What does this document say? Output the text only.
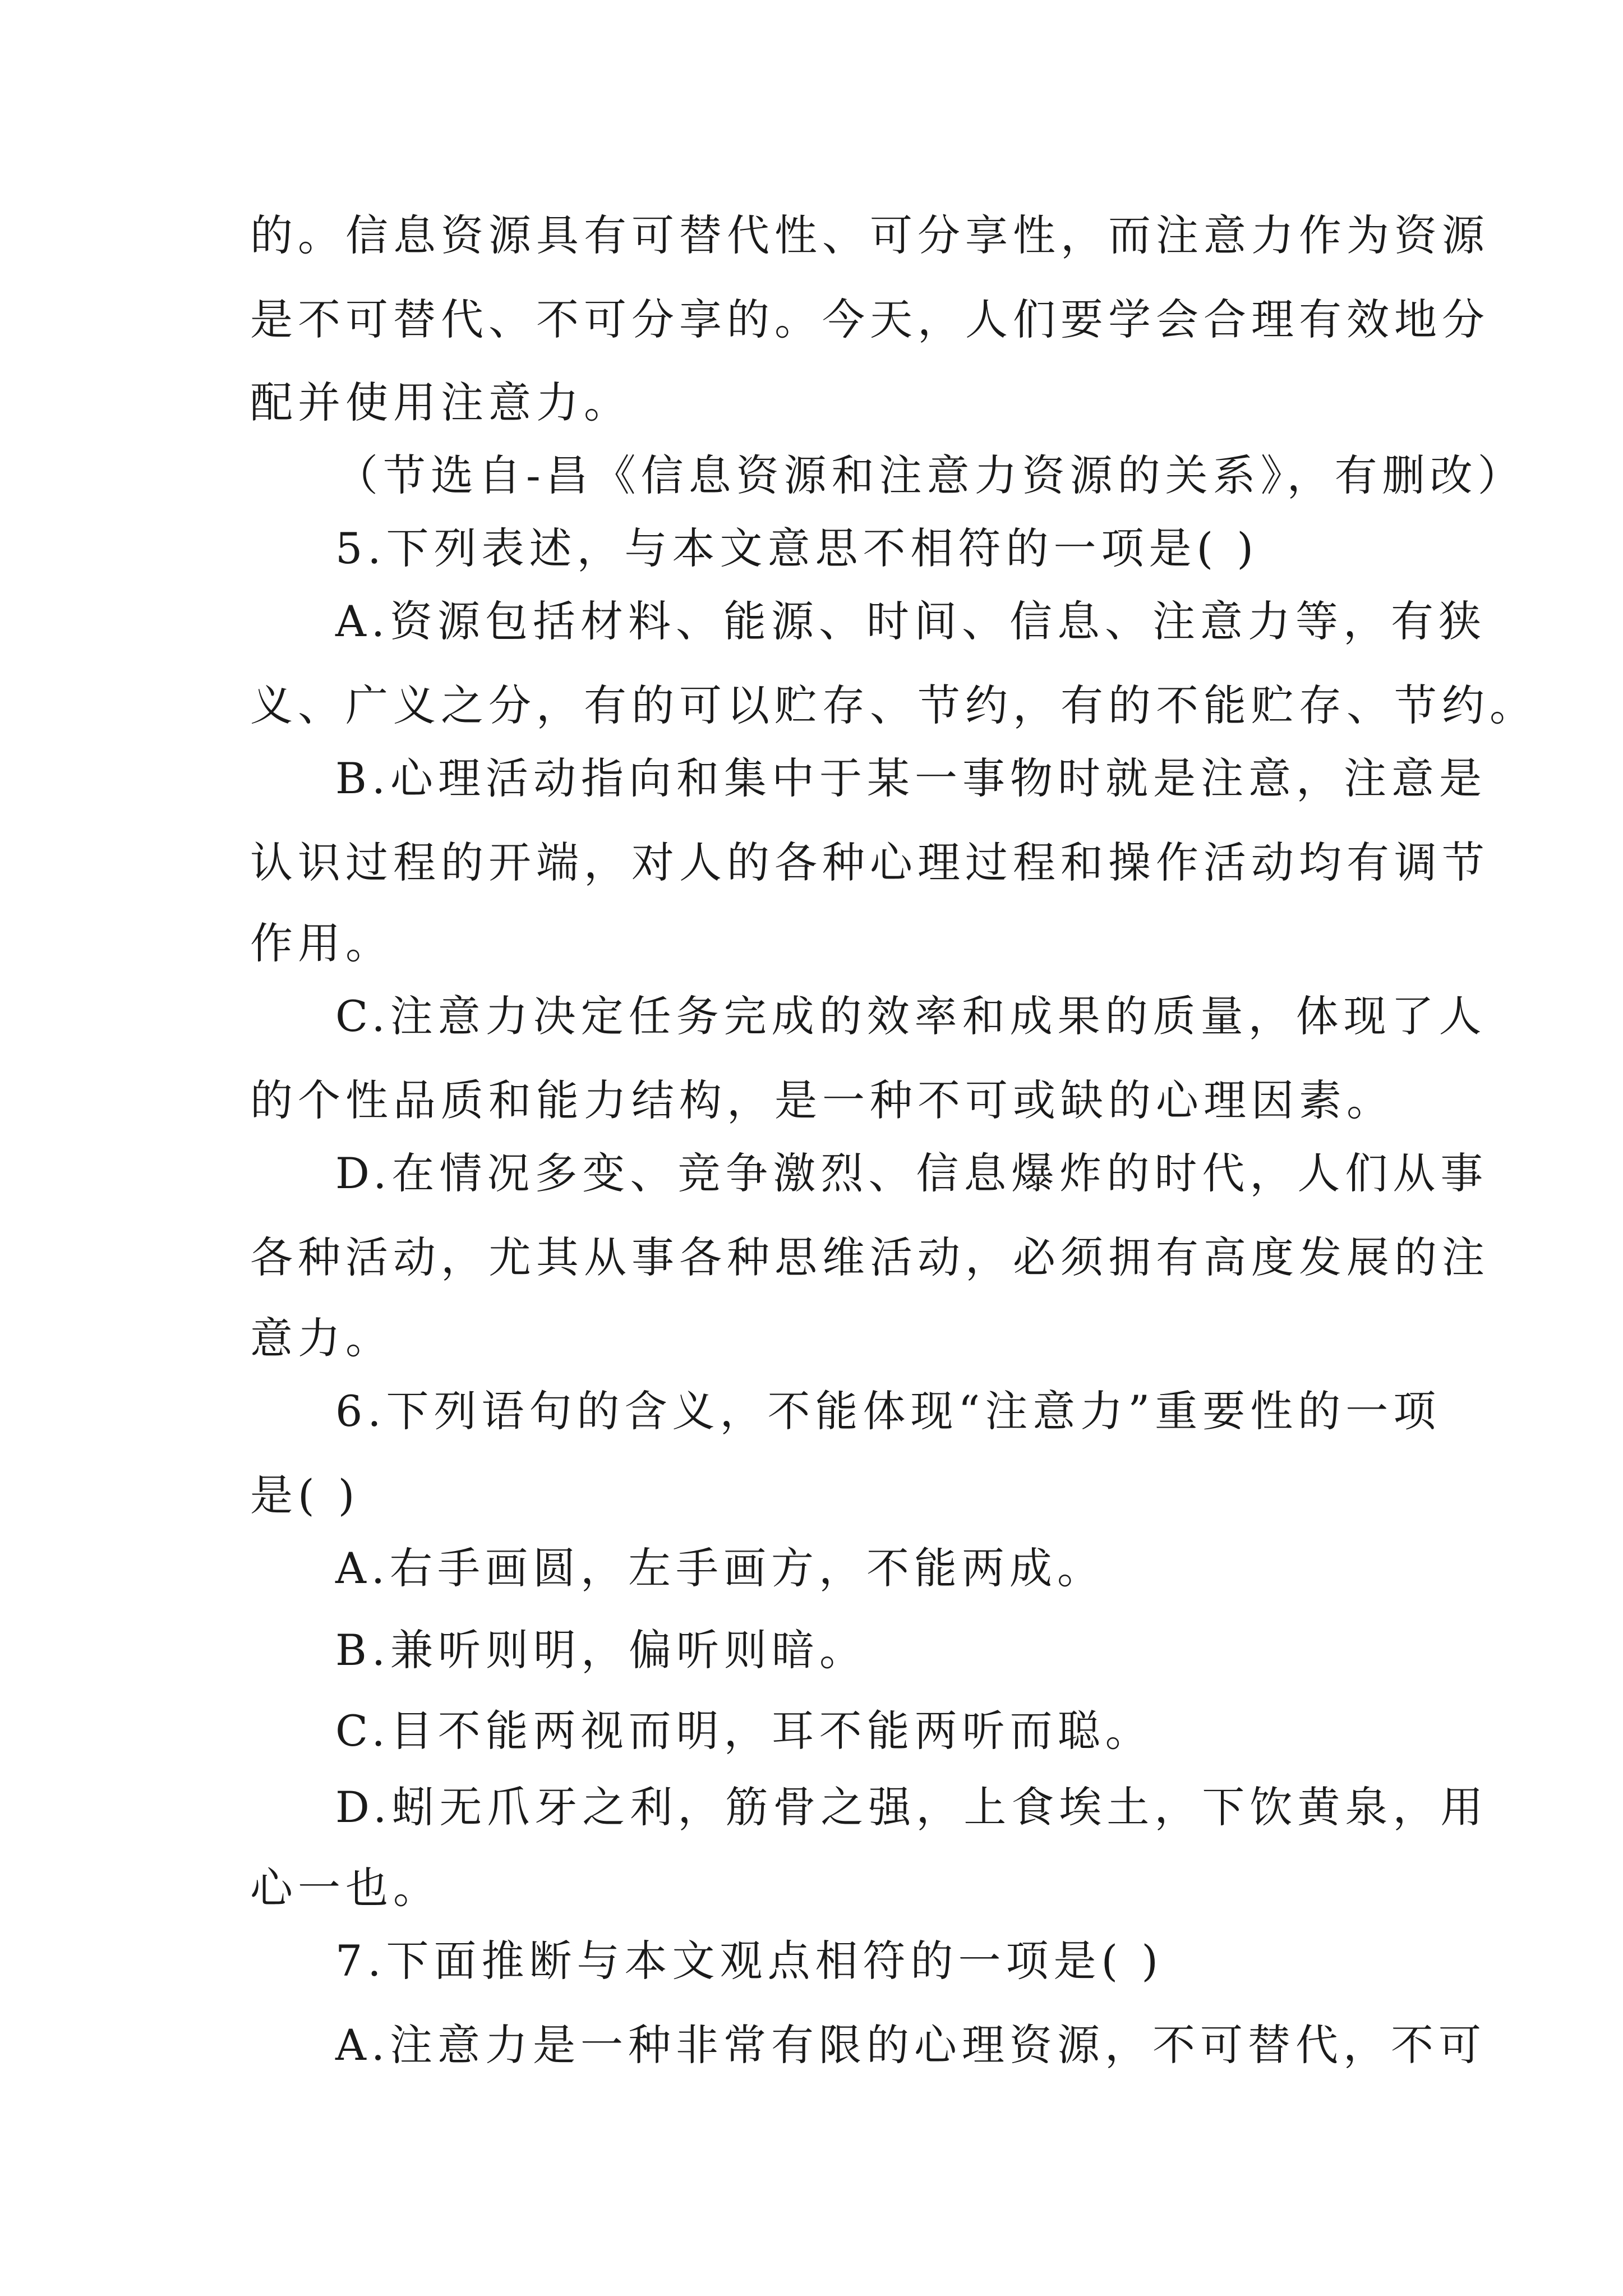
的。信息资源具有可替代性、可分享性，而注意力作为资源
是不可替代、不可分享的。今天，人们要学会合理有效地分
配并使用注意力。
（节选自-昌《信息资源和注意力资源的关系》，有删改）
5.下列表述，与本文意思不相符的一项是( )
A.资源包括材料、能源、时间、信息、注意力等，有狭
义、广义之分，有的可以贮存、节约，有的不能贮存、节约。
B.心理活动指向和集中于某一事物时就是注意，注意是
认识过程的开端，对人的各种心理过程和操作活动均有调节
作用。
C.注意力决定任务完成的效率和成果的质量，体现了人
的个性品质和能力结构，是一种不可或缺的心理因素。
D.在情况多变、竞争激烈、信息爆炸的时代，人们从事
各种活动，尤其从事各种思维活动，必须拥有高度发展的注
意力。
6.下列语句的含义，不能体现“注意力”重要性的一项
是( )
A.右手画圆，左手画方，不能两成。
B.兼听则明，偏听则暗。
C.目不能两视而明，耳不能两听而聪。
D.蚓无爪牙之利，筋骨之强，上食埃土，下饮黄泉，用
心一也。
7.下面推断与本文观点相符的一项是( )
A.注意力是一种非常有限的心理资源，不可替代，不可
